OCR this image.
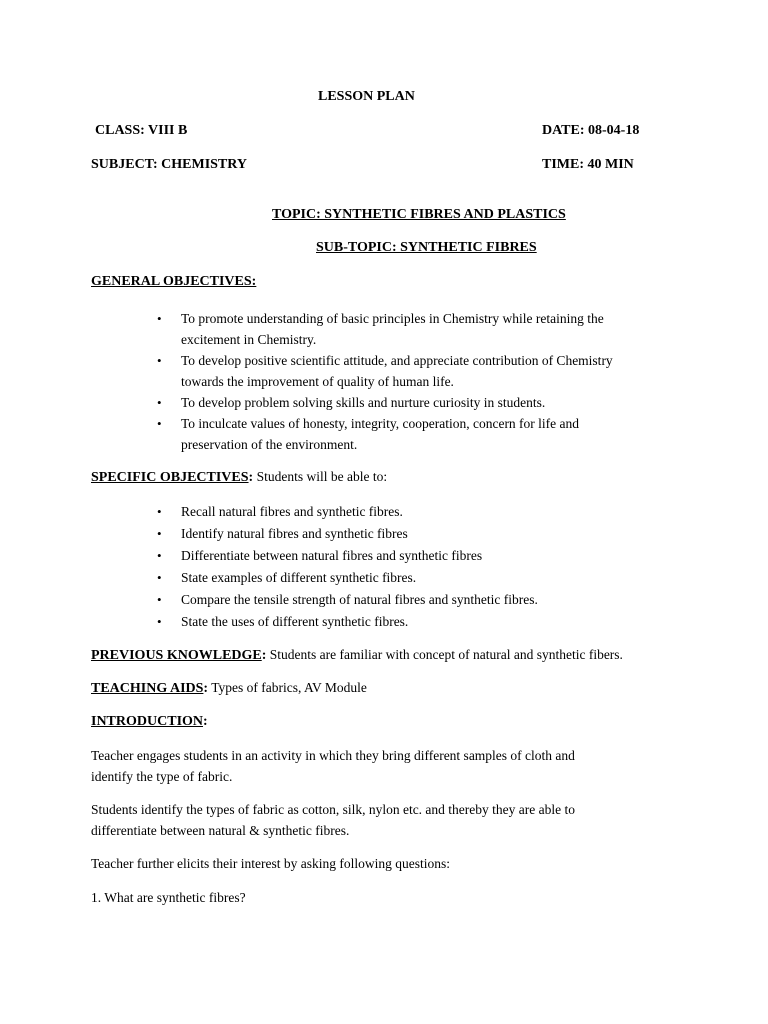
LESSON PLAN
CLASS: VIII B	DATE: 08-04-18
SUBJECT: CHEMISTRY	TIME: 40 MIN
TOPIC: SYNTHETIC FIBRES AND PLASTICS
SUB-TOPIC: SYNTHETIC FIBRES
GENERAL OBJECTIVES:
• To promote understanding of basic principles in Chemistry while retaining the
excitement in Chemistry.
• To develop positive scientific attitude, and appreciate contribution of Chemistry
towards the improvement of quality of human life.
• To develop problem solving skills and nurture curiosity in students.
• To inculcate values of honesty, integrity, cooperation, concern for life and
preservation of the environment.
SPECIFIC OBJECTIVES: Students will be able to:
• Recall natural fibres and synthetic fibres.
• Identify natural fibres and synthetic fibres
• Differentiate between natural fibres and synthetic fibres
• State examples of different synthetic fibres.
• Compare the tensile strength of natural fibres and synthetic fibres.
• State the uses of different synthetic fibres.
PREVIOUS KNOWLEDGE: Students are familiar with concept of natural and synthetic fibers.
TEACHING AIDS: Types of fabrics, AV Module
INTRODUCTION:
Teacher engages students in an activity in which they bring different samples of cloth and
identify the type of fabric.
Students identify the types of fabric as cotton, silk, nylon etc. and thereby they are able to
differentiate between natural & synthetic fibres.
Teacher further elicits their interest by asking following questions:
1. What are synthetic fibres?
